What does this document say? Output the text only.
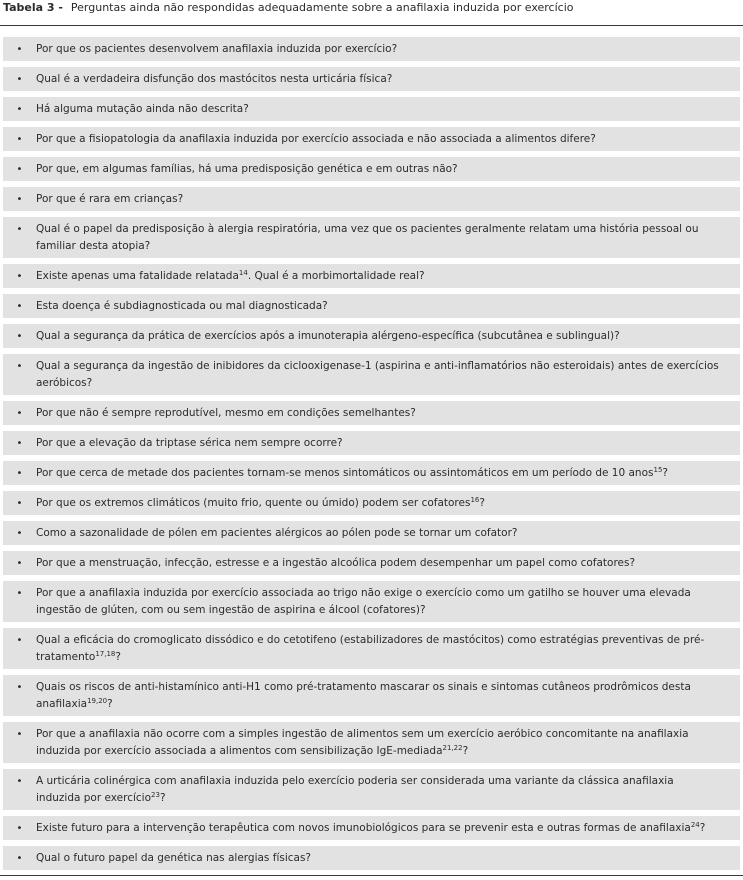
Tabela 3 - Perguntas ainda não respondidas adequadamente sobre a anafilaxia induzida por exercício
•	Por que os pacientes desenvolvem anafilaxia induzida por exercício?
•	Qual é a verdadeira disfunção dos mastócitos nesta urticária física?
•	Há alguma mutação ainda não descrita?
•	Por que a fisiopatologia da anafilaxia induzida por exercício associada e não associada a alimentos difere?
•	Por que, em algumas famílias, há uma predisposição genética e em outras não?
•	Por que é rara em crianças?
•	Qual é o papel da predisposição à alergia respiratória, uma vez que os pacientes geralmente relatam uma história pessoal ou familiar desta atopia?
•	Existe apenas uma fatalidade relatada$^{14}$. Qual é a morbimortalidade real?
•	Esta doença é subdiagnosticada ou mal diagnosticada?
•	Qual a segurança da prática de exercícios após a imunoterapia alérgeno-específica (subcutânea e sublingual)?
•	Qual a segurança da ingestão de inibidores da ciclooxigenase-1 (aspirina e anti-inflamatórios não esteroidais) antes de exercícios aeróbicos?
•	Por que não é sempre reprodutível, mesmo em condições semelhantes?
•	Por que a elevação da triptase sérica nem sempre ocorre?
•	Por que cerca de metade dos pacientes tornam-se menos sintomáticos ou assintomáticos em um período de 10 anos$^{15}$?
•	Por que os extremos climáticos (muito frio, quente ou úmido) podem ser cofatores$^{16}$?
•	Como a sazonalidade de pólen em pacientes alérgicos ao pólen pode se tornar um cofator?
•	Por que a menstruação, infecção, estresse e a ingestão alcoólica podem desempenhar um papel como cofatores?
•	Por que a anafilaxia induzida por exercício associada ao trigo não exige o exercício como um gatilho se houver uma elevada ingestão de glúten, com ou sem ingestão de aspirina e álcool (cofatores)?
•	Qual a eficácia do cromoglicato dissódico e do cetotifeno (estabilizadores de mastócitos) como estratégias preventivas de pré-tratamento$^{17,18}$?
•	Quais os riscos de anti-histamínico anti-H1 como pré-tratamento mascarar os sinais e sintomas cutâneos prodrômicos desta anafilaxia$^{19,20}$?
•	Por que a anafilaxia não ocorre com a simples ingestão de alimentos sem um exercício aeróbico concomitante na anafilaxia induzida por exercício associada a alimentos com sensibilização IgE-mediada$^{21,22}$?
•	A urticária colinérgica com anafilaxia induzida pelo exercício poderia ser considerada uma variante da clássica anafilaxia induzida por exercício$^{23}$?
•	Existe futuro para a intervenção terapêutica com novos imunobiológicos para se prevenir esta e outras formas de anafilaxia$^{24}$?
•	Qual o futuro papel da genética nas alergias físicas?
